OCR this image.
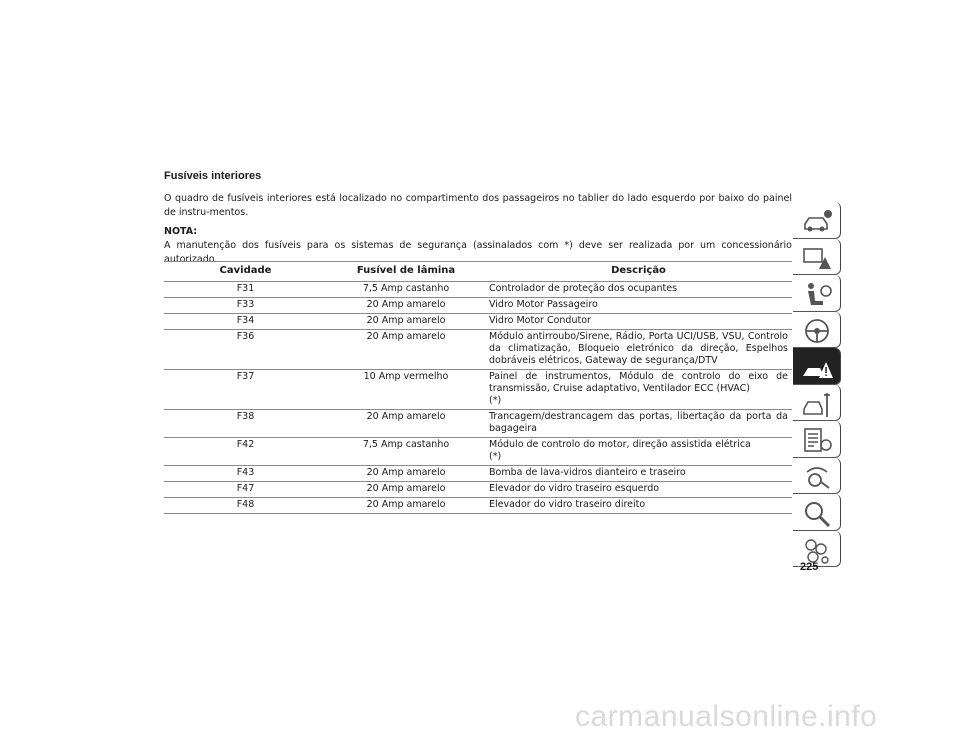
Fusíveis interiores

O quadro de fusíveis interiores está localizado no compartimento dos passageiros no tablier do lado esquerdo por baixo do painel de instru-mentos.

NOTA:

A manutenção dos fusíveis para os sistemas de segurança (assinalados com *) deve ser realizada por um concessionário autorizado.

Cavidade	Fusível de lâmina	Descrição
F31	7,5 Amp castanho	Controlador de proteção dos ocupantes

F33	20 Amp amarelo	Vidro Motor Passageiro

F34	20 Amp amarelo	Vidro Motor Condutor

F36	20 Amp amarelo	Módulo antirroubo/Sirene, Rádio, Porta UCI/USB, VSU, Controlo da climatização, Bloqueio eletrónico da direção, Espelhos dobráveis elétricos, Gateway de segurança/DTV

F37	10 Amp vermelho	Painel de instrumentos, Módulo de controlo do eixo de transmissão, Cruise adaptativo, Ventilador ECC (HVAC)
(*)

F38	20 Amp amarelo	Trancagem/destrancagem das portas, libertação da porta da bagageira

F42	7,5 Amp castanho	Módulo de controlo do motor, direção assistida elétrica
(*)

F43	20 Amp amarelo	Bomba de lava-vidros dianteiro e traseiro

F47	20 Amp amarelo	Elevador do vidro traseiro esquerdo

F48	20 Amp amarelo	Elevador do vidro traseiro direito
225
carmanualsonline.info
